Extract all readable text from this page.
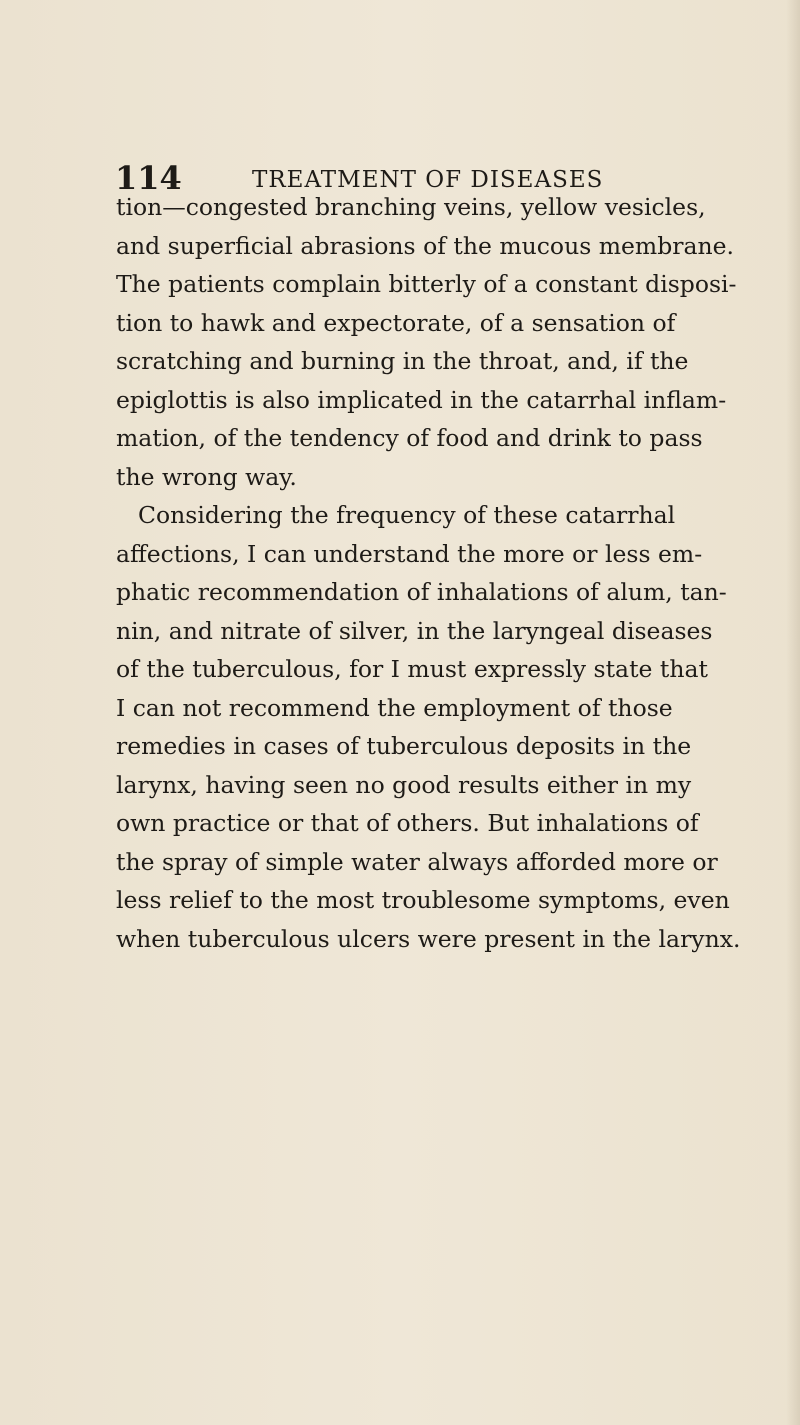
114	TREATMENT OF DISEASES
tion—congested branching veins, yellow vesicles,
and superficial abrasions of the mucous membrane.
The patients complain bitterly of a constant disposi-
tion to hawk and expectorate, of a sensation of
scratching and burning in the throat, and, if the
epiglottis is also implicated in the catarrhal inflam-
mation, of the tendency of food and drink to pass
the wrong way.
Considering the frequency of these catarrhal
affections, I can understand the more or less em-
phatic recommendation of inhalations of alum, tan-
nin, and nitrate of silver, in the laryngeal diseases
of the tuberculous, for I must expressly state that
I can not recommend the employment of those
remedies in cases of tuberculous deposits in the
larynx, having seen no good results either in my
own practice or that of others. But inhalations of
the spray of simple water always afforded more or
less relief to the most troublesome symptoms, even
when tuberculous ulcers were present in the larynx.
